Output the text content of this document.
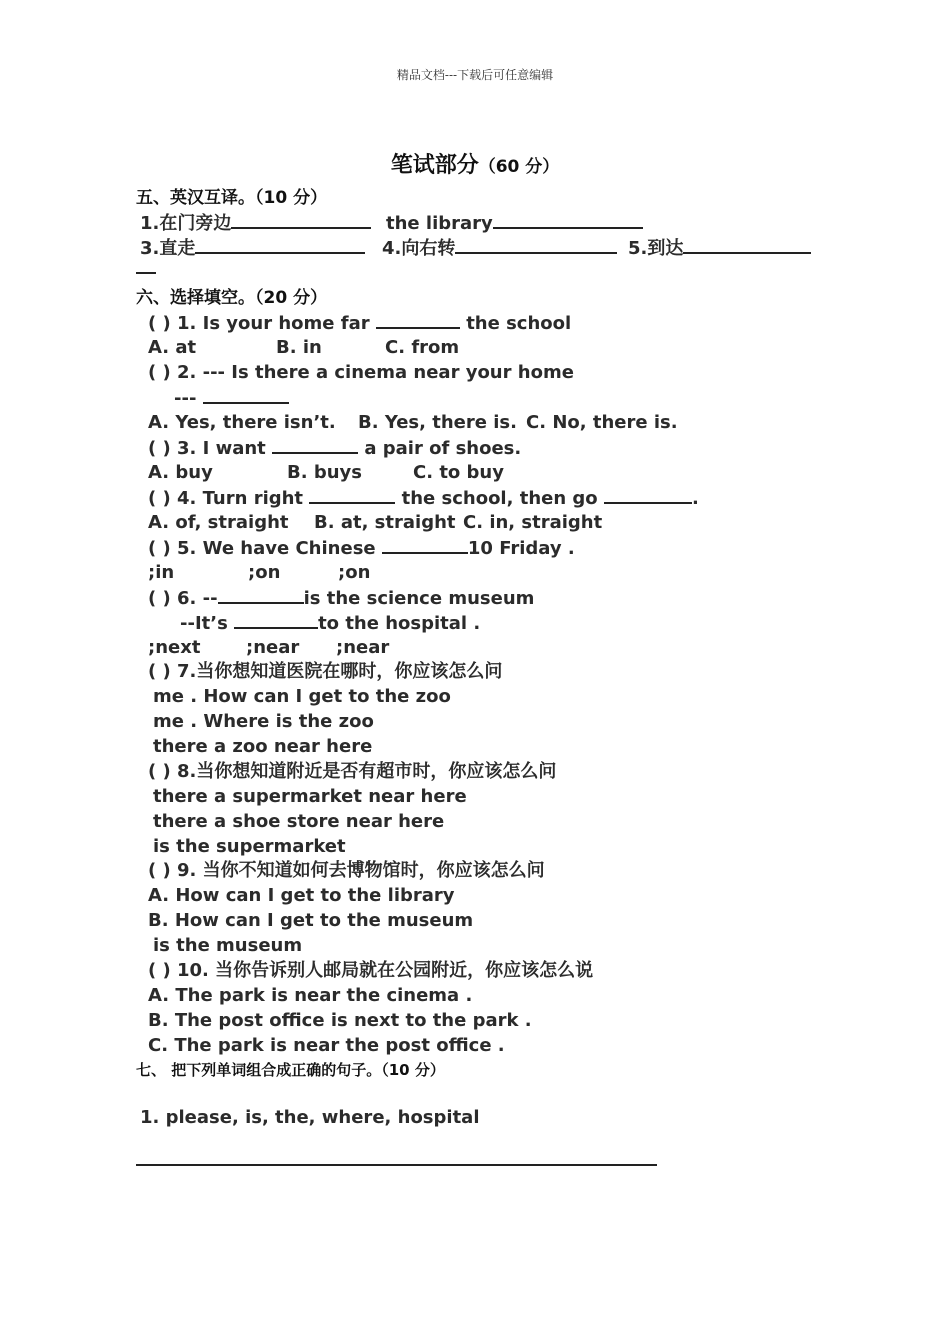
精品文档---下载后可任意编辑
笔试部分（60 分）
五、英汉互译。（10 分）
1.在门旁边	the library
3.直走	4.向右转	5.到达
六、选择填空。（20 分）
( ) 1. Is your home far	the school
A. at	B. in	C. from
( ) 2. --- Is there a cinema near your home
---
A. Yes, there isn’t. B. Yes, there is. C. No, there is.
( ) 3. I want	a pair of shoes.
A. buy	B. buys	C. to buy
( ) 4. Turn right	the school, then go	.
A. of, straight B. at, straight C. in, straight
( ) 5. We have Chinese	10 Friday .
;in	;on	;on
( ) 6. --	is the science museum
--It’s	to the hospital .
;next	;near ;near
( ) 7.当你想知道医院在哪时，你应该怎么问
me . How can I get to the zoo
me . Where is the zoo
there a zoo near here
( ) 8.当你想知道附近是否有超市时，你应该怎么问
there a supermarket near here
there a shoe store near here
is the supermarket
( ) 9. 当你不知道如何去博物馆时，你应该怎么问
A. How can I get to the library
B. How can I get to the museum
is the museum
( ) 10. 当你告诉别人邮局就在公园附近，你应该怎么说
A. The park is near the cinema .
B. The post office is next to the park .
C. The park is near the post office .
七、 把下列单词组合成正确的句子。（10 分）
1. please, is, the, where, hospital
